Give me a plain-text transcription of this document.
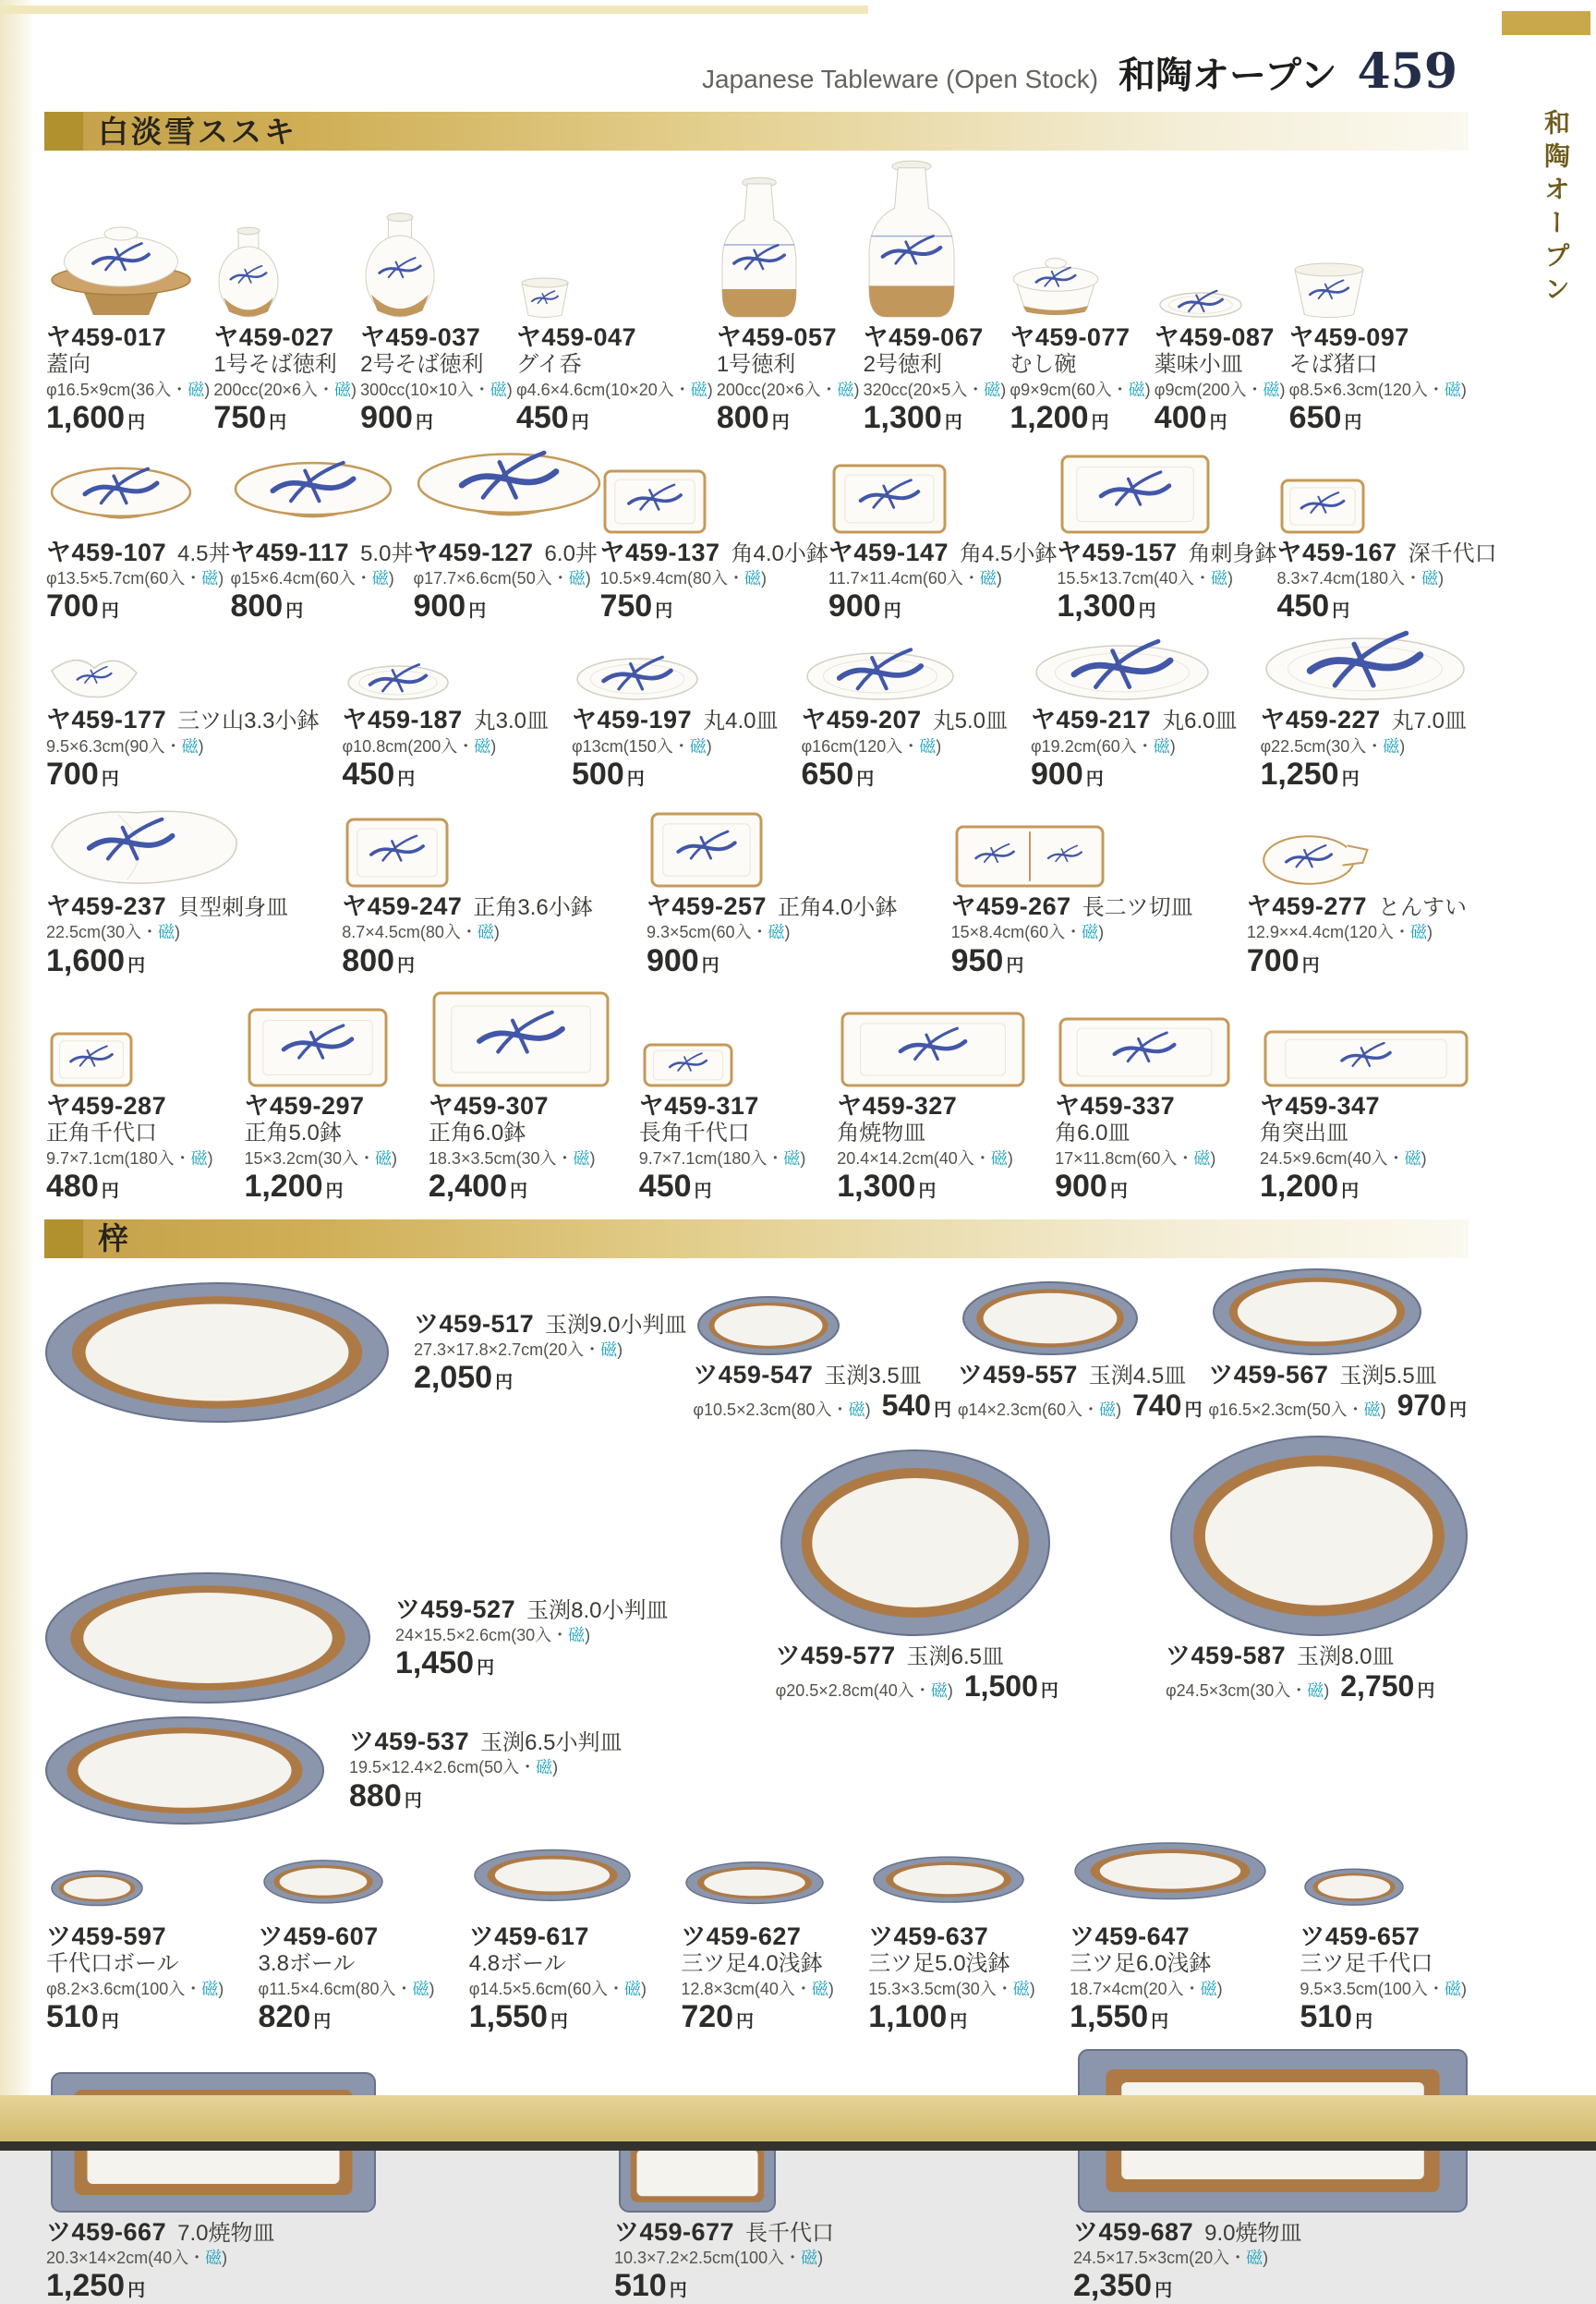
和陶オープン
Japanese Tableware (Open Stock) 和陶オープン 459
白淡雪ススキ
ヤ459-017
蓋向
φ16.5×9cm(36入・磁)
1,600 円
ヤ459-027
1号そば徳利
200cc(20×6入・磁)
750 円
ヤ459-037
2号そば徳利
300cc(10×10入・磁)
900 円
ヤ459-047
グイ呑
φ4.6×4.6cm(10×20入・磁)
450 円
ヤ459-057
1号徳利
200cc(20×6入・磁)
800 円
ヤ459-067
2号徳利
320cc(20×5入・磁)
1,300 円
ヤ459-077
むし碗
φ9×9cm(60入・磁)
1,200 円
ヤ459-087
薬味小皿
φ9cm(200入・磁)
400 円
ヤ459-097
そば猪口
φ8.5×6.3cm(120入・磁)
650 円
ヤ459-107 4.5丼
φ13.5×5.7cm(60入・磁)
700 円
ヤ459-117 5.0丼
φ15×6.4cm(60入・磁)
800 円
ヤ459-127 6.0丼
φ17.7×6.6cm(50入・磁)
900 円
ヤ459-137 角4.0小鉢
10.5×9.4cm(80入・磁)
750 円
ヤ459-147 角4.5小鉢
11.7×11.4cm(60入・磁)
900 円
ヤ459-157 角刺身鉢
15.5×13.7cm(40入・磁)
1,300 円
ヤ459-167 深千代口
8.3×7.4cm(180入・磁)
450 円
ヤ459-177 三ツ山3.3小鉢
9.5×6.3cm(90入・磁)
700 円
ヤ459-187 丸3.0皿
φ10.8cm(200入・磁)
450 円
ヤ459-197 丸4.0皿
φ13cm(150入・磁)
500 円
ヤ459-207 丸5.0皿
φ16cm(120入・磁)
650 円
ヤ459-217 丸6.0皿
φ19.2cm(60入・磁)
900 円
ヤ459-227 丸7.0皿
φ22.5cm(30入・磁)
1,250 円
ヤ459-237 貝型刺身皿
22.5cm(30入・磁)
1,600 円
ヤ459-247 正角3.6小鉢
8.7×4.5cm(80入・磁)
800 円
ヤ459-257 正角4.0小鉢
9.3×5cm(60入・磁)
900 円
ヤ459-267 長二ツ切皿
15×8.4cm(60入・磁)
950 円
ヤ459-277 とんすい
12.9××4.4cm(120入・磁)
700 円
ヤ459-287
正角千代口
9.7×7.1cm(180入・磁)
480 円
ヤ459-297
正角5.0鉢
15×3.2cm(30入・磁)
1,200 円
ヤ459-307
正角6.0鉢
18.3×3.5cm(30入・磁)
2,400 円
ヤ459-317
長角千代口
9.7×7.1cm(180入・磁)
450 円
ヤ459-327
角焼物皿
20.4×14.2cm(40入・磁)
1,300 円
ヤ459-337
角6.0皿
17×11.8cm(60入・磁)
900 円
ヤ459-347
角突出皿
24.5×9.6cm(40入・磁)
1,200 円
梓
ツ459-517 玉渕9.0小判皿
27.3×17.8×2.7cm(20入・磁)
2,050 円	ツ459-547 玉渕3.5皿
φ10.5×2.3cm(80入・磁) 540 円
ツ459-557 玉渕4.5皿
φ14×2.3cm(60入・磁) 740 円
ツ459-567 玉渕5.5皿
φ16.5×2.3cm(50入・磁) 970 円
ツ459-527 玉渕8.0小判皿
24×15.5×2.6cm(30入・磁)
1,450 円	ツ459-577 玉渕6.5皿
φ20.5×2.8cm(40入・磁) 1,500 円
ツ459-587 玉渕8.0皿
φ24.5×3cm(30入・磁) 2,750 円
ツ459-537 玉渕6.5小判皿
19.5×12.4×2.6cm(50入・磁)
880 円
ツ459-597
千代口ボール
φ8.2×3.6cm(100入・磁)
510 円
ツ459-607
3.8ボール
φ11.5×4.6cm(80入・磁)
820 円
ツ459-617
4.8ボール
φ14.5×5.6cm(60入・磁)
1,550 円
ツ459-627
三ツ足4.0浅鉢
12.8×3cm(40入・磁)
720 円
ツ459-637
三ツ足5.0浅鉢
15.3×3.5cm(30入・磁)
1,100 円
ツ459-647
三ツ足6.0浅鉢
18.7×4cm(20入・磁)
1,550 円
ツ459-657
三ツ足千代口
9.5×3.5cm(100入・磁)
510 円
ツ459-667 7.0焼物皿
20.3×14×2cm(40入・磁)
1,250 円
ツ459-677 長千代口
10.3×7.2×2.5cm(100入・磁)
510 円
ツ459-687 9.0焼物皿
24.5×17.5×3cm(20入・磁)
2,350 円
